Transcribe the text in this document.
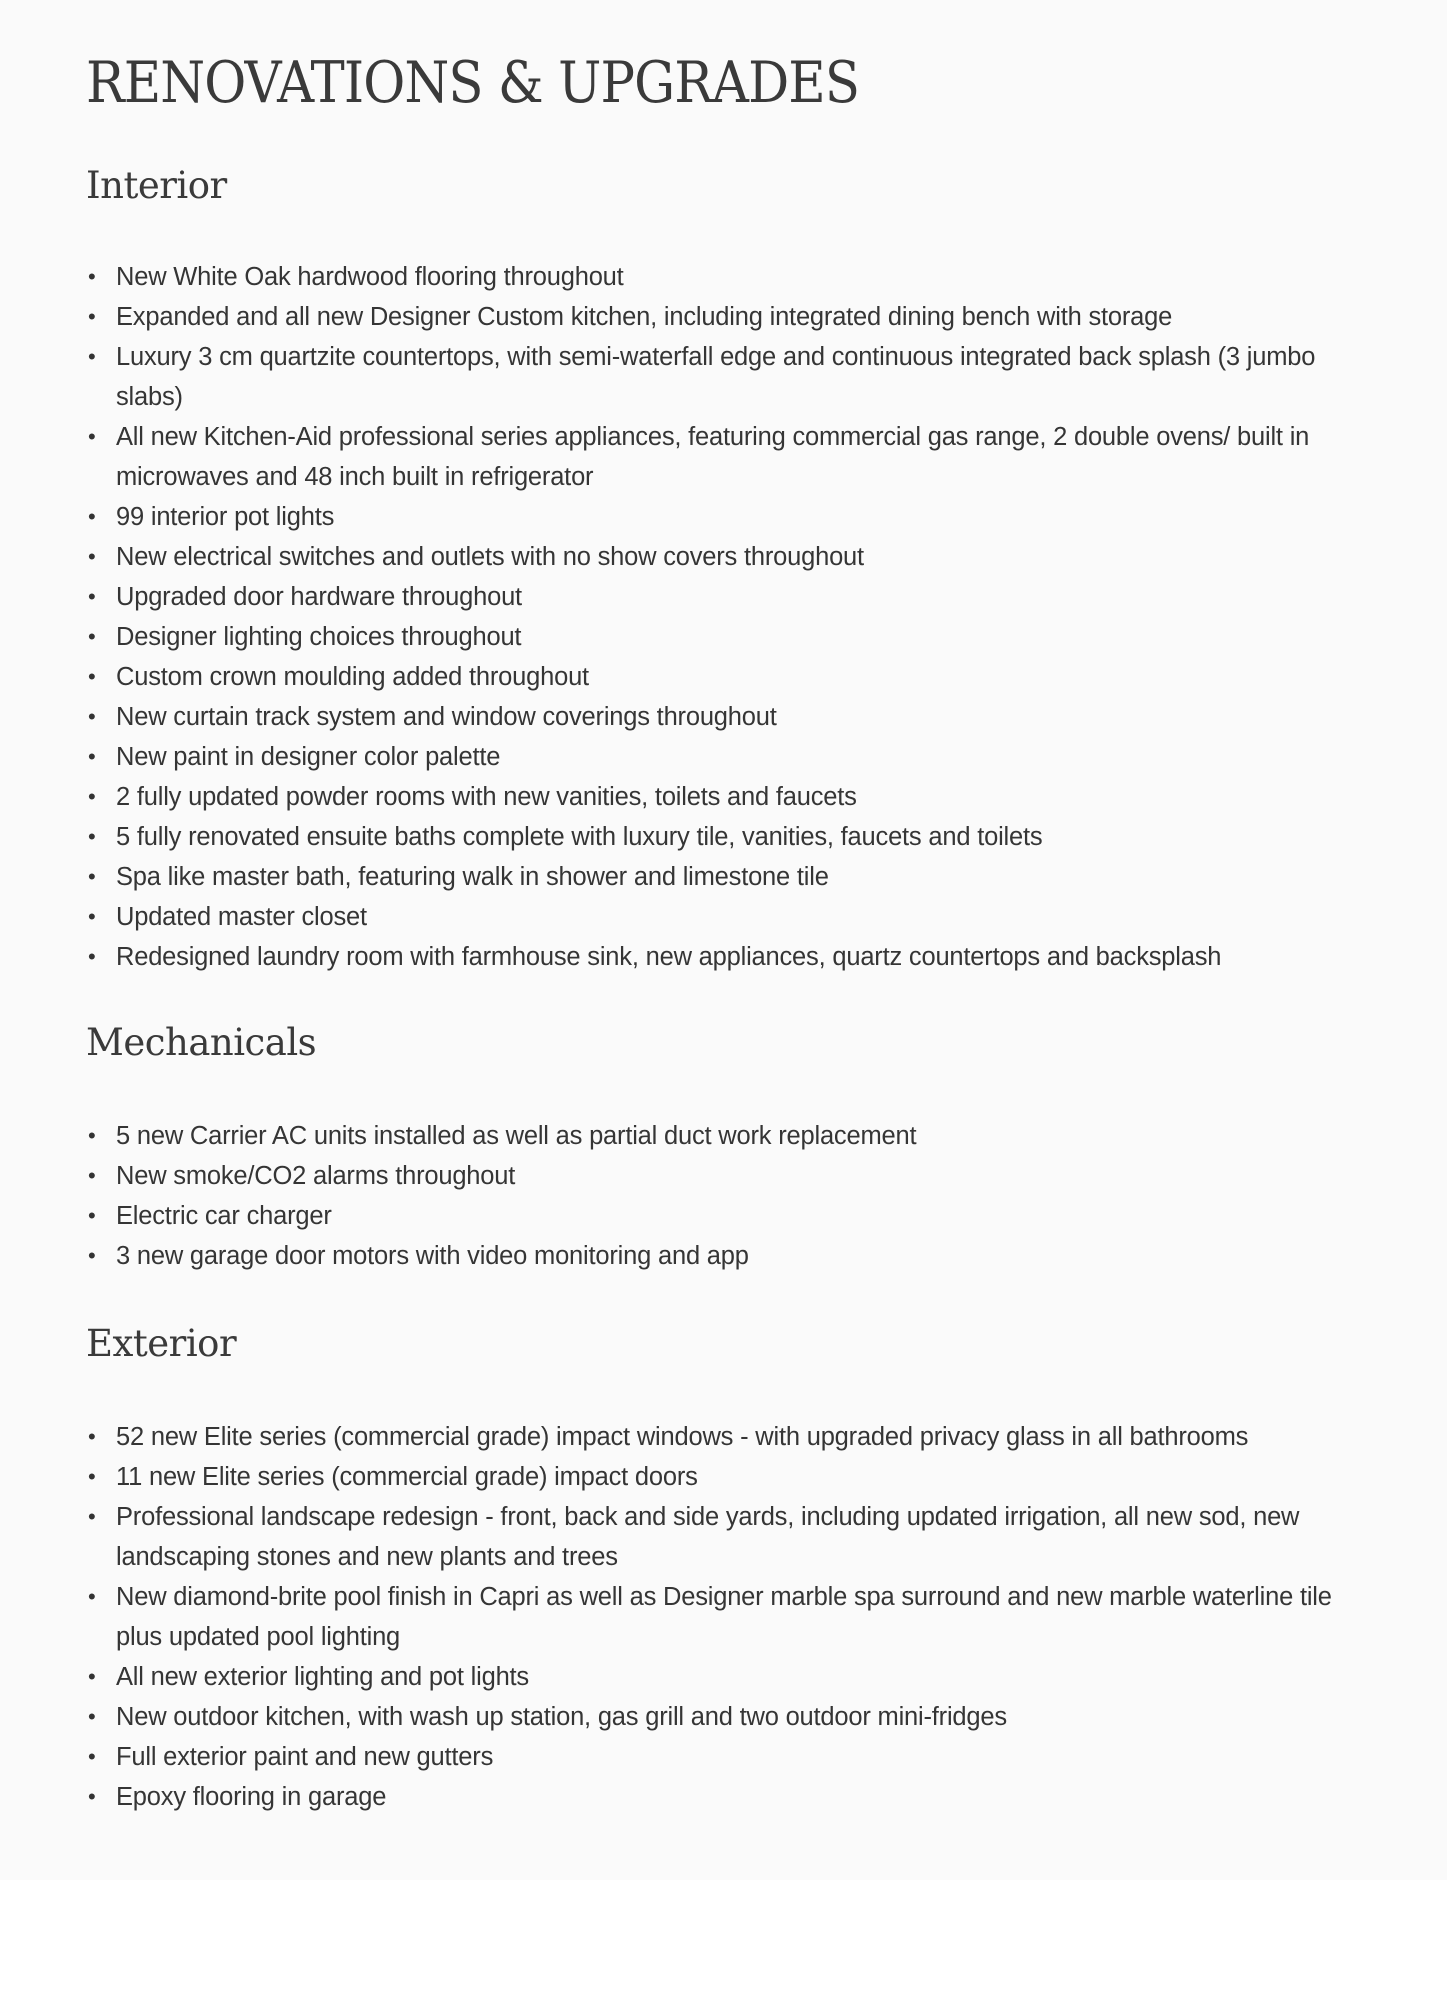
RENOVATIONS & UPGRADES
Interior
• New White Oak hardwood flooring throughout
• Expanded and all new Designer Custom kitchen, including integrated dining bench with storage
• Luxury 3 cm quartzite countertops, with semi-waterfall edge and continuous integrated back splash (3 jumbo slabs)
• All new Kitchen-Aid professional series appliances, featuring commercial gas range, 2 double ovens/ built in microwaves and 48 inch built in refrigerator
• 99 interior pot lights
• New electrical switches and outlets with no show covers throughout
• Upgraded door hardware throughout
• Designer lighting choices throughout
• Custom crown moulding added throughout
• New curtain track system and window coverings throughout
• New paint in designer color palette
• 2 fully updated powder rooms with new vanities, toilets and faucets
• 5 fully renovated ensuite baths complete with luxury tile, vanities, faucets and toilets
• Spa like master bath, featuring walk in shower and limestone tile
• Updated master closet
• Redesigned laundry room with farmhouse sink, new appliances, quartz countertops and backsplash
Mechanicals
• 5 new Carrier AC units installed as well as partial duct work replacement
• New smoke/CO2 alarms throughout
• Electric car charger
• 3 new garage door motors with video monitoring and app
Exterior
• 52 new Elite series (commercial grade) impact windows - with upgraded privacy glass in all bathrooms
• 11 new Elite series (commercial grade) impact doors
• Professional landscape redesign - front, back and side yards, including updated irrigation, all new sod, new landscaping stones and new plants and trees
• New diamond-brite pool finish in Capri as well as Designer marble spa surround and new marble waterline tile plus updated pool lighting
• All new exterior lighting and pot lights
• New outdoor kitchen, with wash up station, gas grill and two outdoor mini-fridges
• Full exterior paint and new gutters
• Epoxy flooring in garage
